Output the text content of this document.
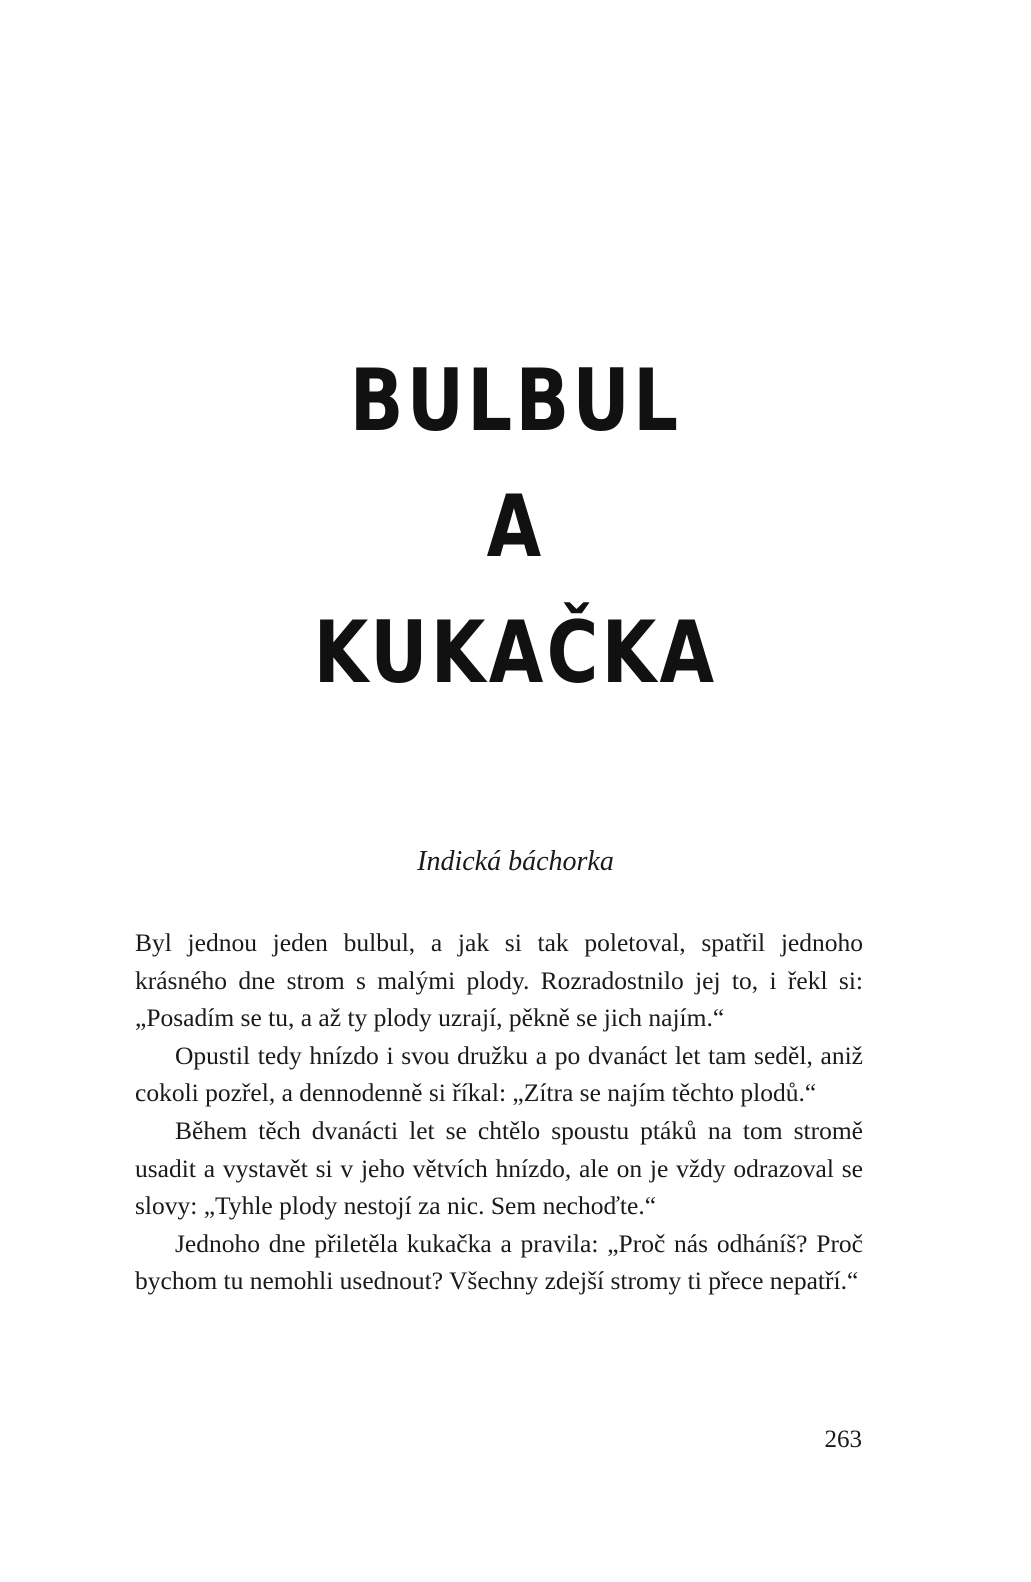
BULBUL
A
KUKAČKA
Indická báchorka

Byl jednou jeden bulbul, a jak si tak poletoval, spatřil jednoho krásného dne strom s malými plody. Rozradostnilo jej to, i řekl si: „Posadím se tu, a až ty plody uzrají, pěkně se jich najím.“

Opustil tedy hnízdo i svou družku a po dvanáct let tam seděl, aniž cokoli pozřel, a dennodenně si říkal: „Zítra se najím těchto plodů.“

Během těch dvanácti let se chtělo spoustu ptáků na tom stromě usadit a vystavět si v jeho větvích hnízdo, ale on je vždy odrazoval se slovy: „Tyhle plody nestojí za nic. Sem nechoďte.“

Jednoho dne přiletěla kukačka a pravila: „Proč nás odháníš? Proč bychom tu nemohli usednout? Všechny zdejší stromy ti přece nepatří.“

263
